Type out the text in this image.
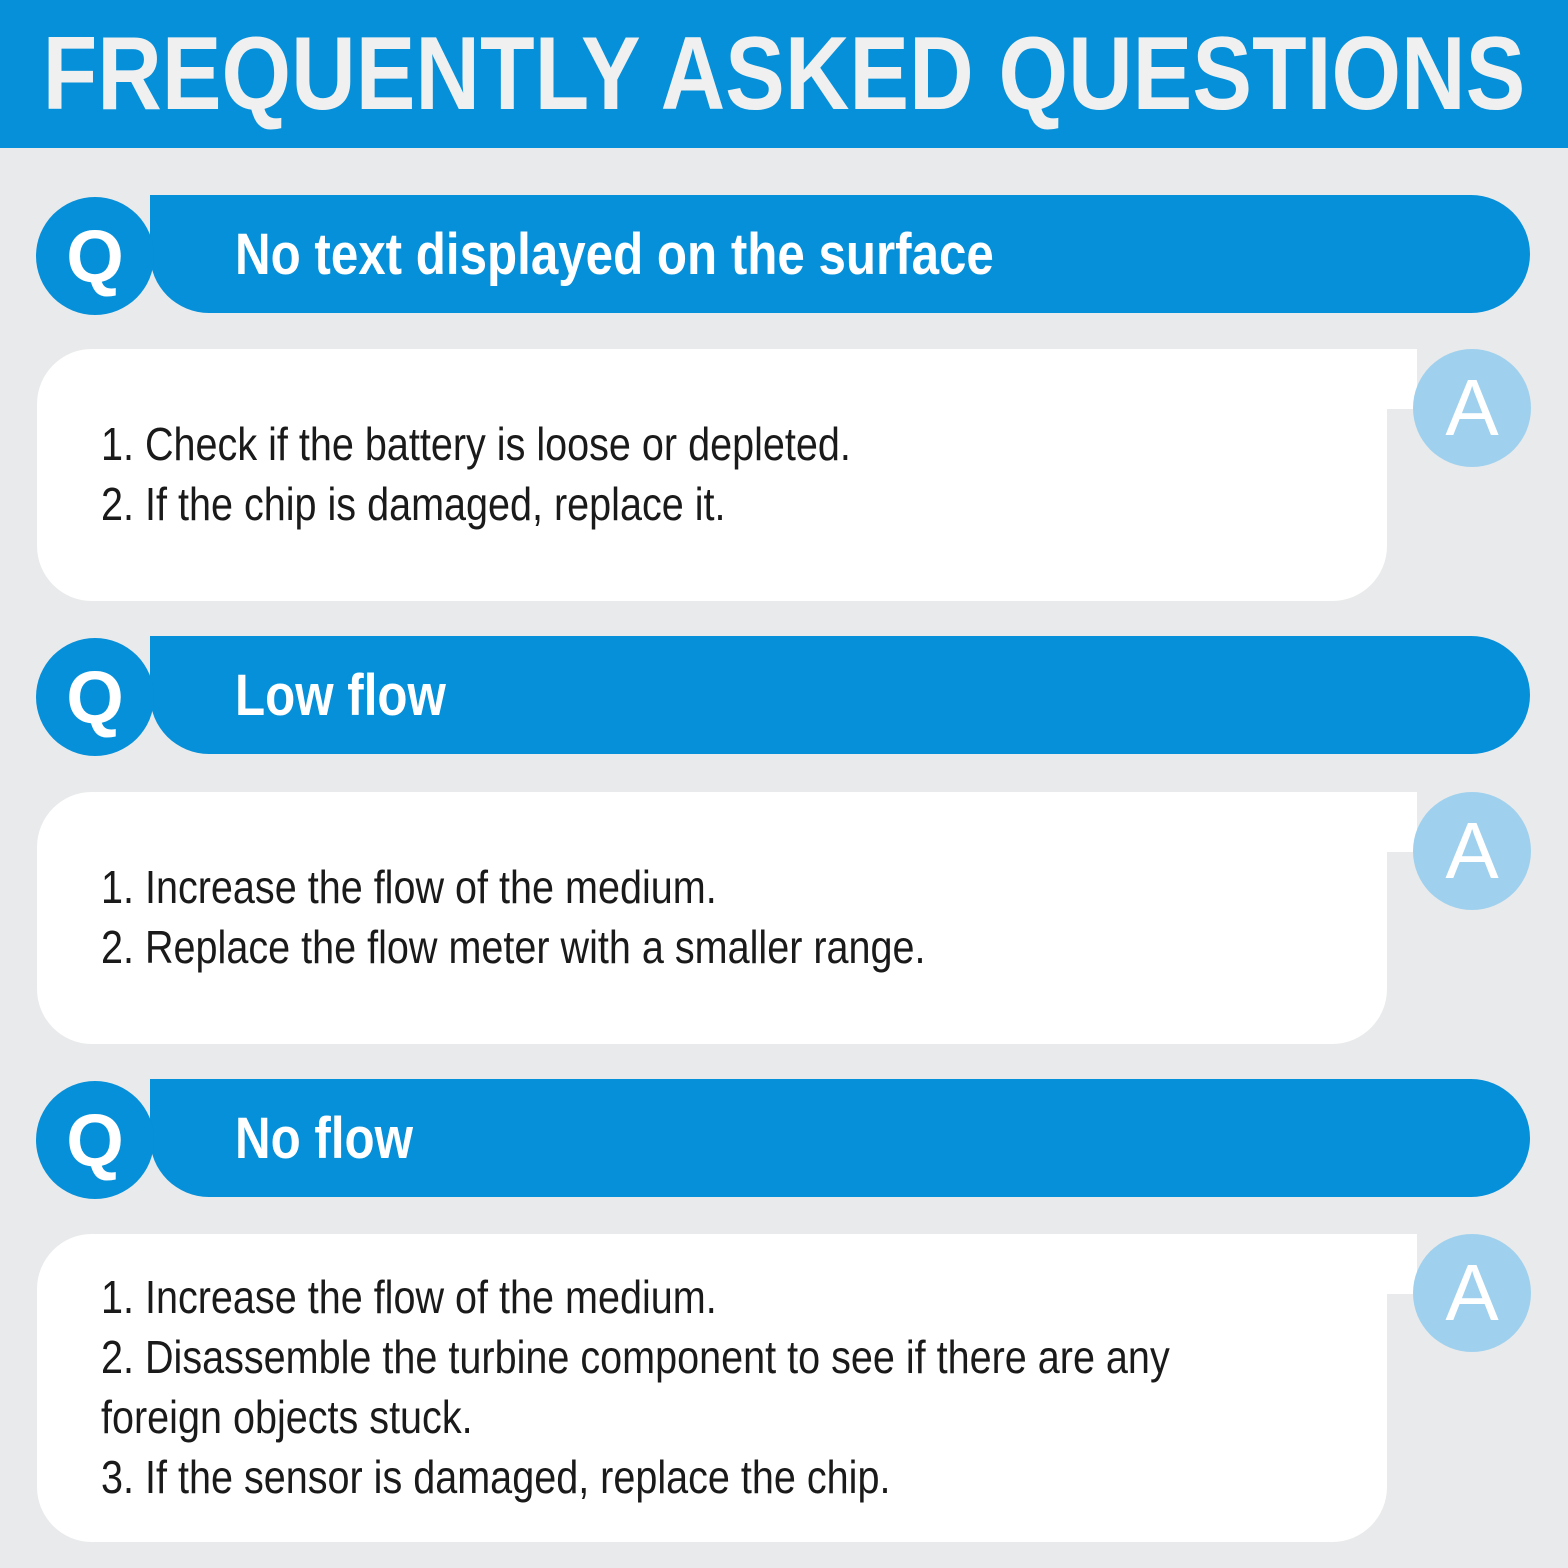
FREQUENTLY ASKED QUESTIONS
Q	No text displayed on the surface
1. Check if the battery is loose or depleted.
2. If the chip is damaged, replace it.
A
Q	Low flow
1. Increase the flow of the medium.
2. Replace the flow meter with a smaller range.
A
Q	No flow
1. Increase the flow of the medium.
2. Disassemble the turbine component to see if there are any
foreign objects stuck.
3. If the sensor is damaged, replace the chip.
A
